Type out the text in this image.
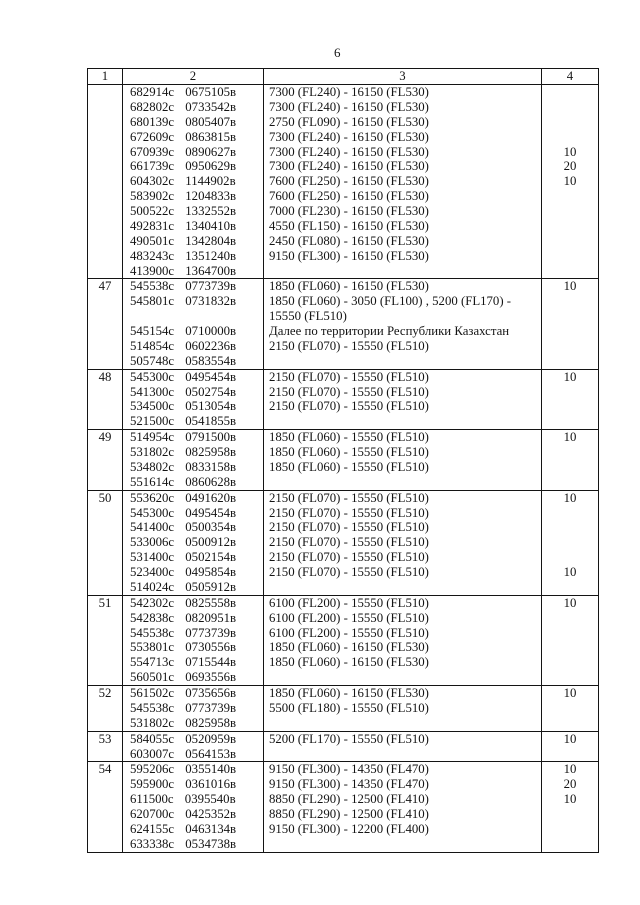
6
1	2	3	4
	682914с 0675105в	7300 (FL240) - 16150 (FL530)	
	682802с 0733542в	7300 (FL240) - 16150 (FL530)	
	680139с 0805407в	2750 (FL090) - 16150 (FL530)	
	672609с 0863815в	7300 (FL240) - 16150 (FL530)	
	670939с 0890627в	7300 (FL240) - 16150 (FL530)	10
	661739с 0950629в	7300 (FL240) - 16150 (FL530)	20
	604302с 1144902в	7600 (FL250) - 16150 (FL530)	10
	583902с 1204833в	7600 (FL250) - 16150 (FL530)	
	500522с 1332552в	7000 (FL230) - 16150 (FL530)	
	492831с 1340410в	4550 (FL150) - 16150 (FL530)	
	490501с 1342804в	2450 (FL080) - 16150 (FL530)	
	483243с 1351240в	9150 (FL300) - 16150 (FL530)	
	413900с 1364700в		
47	545538с 0773739в	1850 (FL060) - 16150 (FL530)	10
	545801с 0731832в	1850 (FL060) - 3050 (FL100) , 5200 (FL170) - 15550 (FL510)	
	545154с 0710000в	Далее по территории Республики Казахстан	
	514854с 0602236в	2150 (FL070) - 15550 (FL510)	
	505748с 0583554в		
48	545300с 0495454в	2150 (FL070) - 15550 (FL510)	10
	541300с 0502754в	2150 (FL070) - 15550 (FL510)	
	534500с 0513054в	2150 (FL070) - 15550 (FL510)	
	521500с 0541855в		
49	514954с 0791500в	1850 (FL060) - 15550 (FL510)	10
	531802с 0825958в	1850 (FL060) - 15550 (FL510)	
	534802с 0833158в	1850 (FL060) - 15550 (FL510)	
	551614с 0860628в		
50	553620с 0491620в	2150 (FL070) - 15550 (FL510)	10
	545300с 0495454в	2150 (FL070) - 15550 (FL510)	
	541400с 0500354в	2150 (FL070) - 15550 (FL510)	
	533006с 0500912в	2150 (FL070) - 15550 (FL510)	
	531400с 0502154в	2150 (FL070) - 15550 (FL510)	
	523400с 0495854в	2150 (FL070) - 15550 (FL510)	10
	514024с 0505912в		
51	542302с 0825558в	6100 (FL200) - 15550 (FL510)	10
	542838с 0820951в	6100 (FL200) - 15550 (FL510)	
	545538с 0773739в	6100 (FL200) - 15550 (FL510)	
	553801с 0730556в	1850 (FL060) - 16150 (FL530)	
	554713с 0715544в	1850 (FL060) - 16150 (FL530)	
	560501с 0693556в		
52	561502с 0735656в	1850 (FL060) - 16150 (FL530)	10
	545538с 0773739в	5500 (FL180) - 15550 (FL510)	
	531802с 0825958в		
53	584055с 0520959в	5200 (FL170) - 15550 (FL510)	10
	603007с 0564153в		
54	595206с 0355140в	9150 (FL300) - 14350 (FL470)	10
	595900с 0361016в	9150 (FL300) - 14350 (FL470)	20
	611500с 0395540в	8850 (FL290) - 12500 (FL410)	10
	620700с 0425352в	8850 (FL290) - 12500 (FL410)	
	624155с 0463134в	9150 (FL300) - 12200 (FL400)	
	633338с 0534738в		
